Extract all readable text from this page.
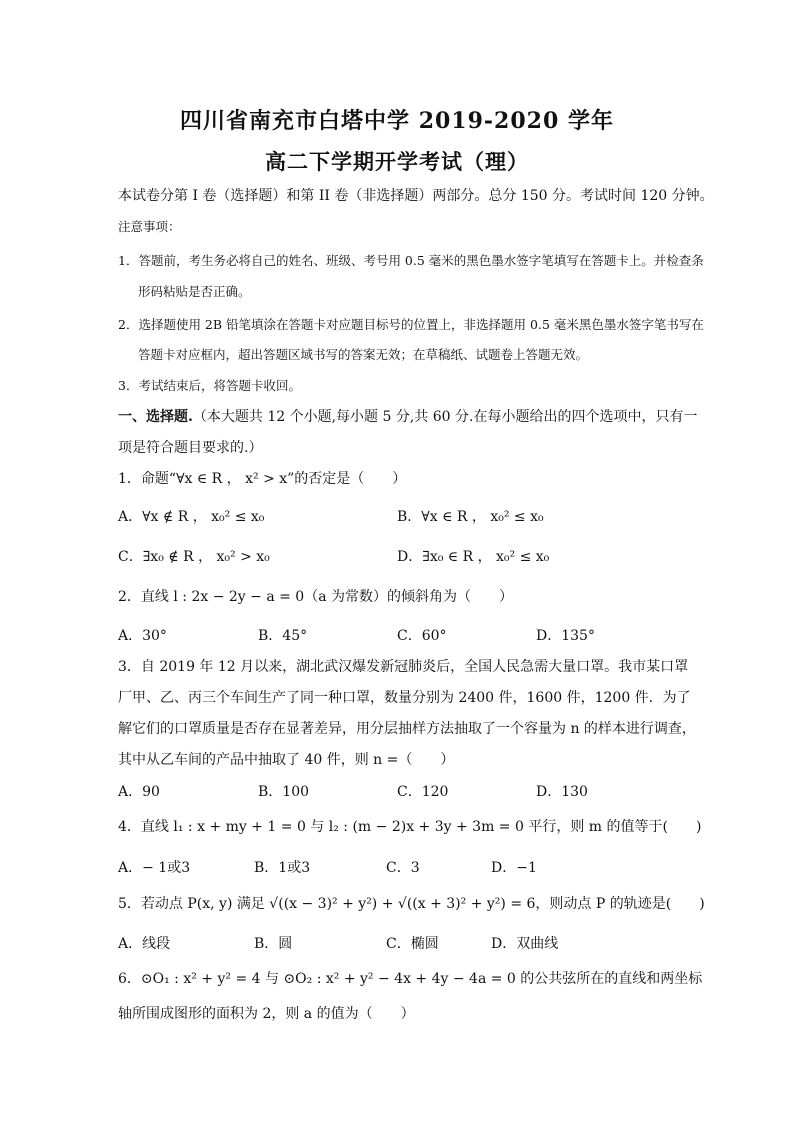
四川省南充市白塔中学 2019-2020 学年
高二下学期开学考试（理）
本试卷分第 I 卷（选择题）和第 II 卷（非选择题）两部分。总分 150 分。考试时间 120 分钟。
注意事项：
1．答题前，考生务必将自己的姓名、班级、考号用 0.5 毫米的黑色墨水签字笔填写在答题卡上。并检查条
形码粘贴是否正确。
2．选择题使用 2B 铅笔填涂在答题卡对应题目标号的位置上，非选择题用 0.5 毫米黑色墨水签字笔书写在
答题卡对应框内，超出答题区域书写的答案无效；在草稿纸、试题卷上答题无效。
3．考试结束后，将答题卡收回。
一、选择题.（本大题共 12 个小题,每小题 5 分,共 60 分.在每小题给出的四个选项中，只有一
项是符合题目要求的.）
1．命题“∀x ∈ R ， x² > x”的否定是（　　）
A．∀x ∉ R ， x₀² ≤ x₀	B．∀x ∈ R ， x₀² ≤ x₀
C．∃x₀ ∉ R ， x₀² > x₀	D．∃x₀ ∈ R ， x₀² ≤ x₀
2．直线 l : 2x − 2y − a = 0（a 为常数）的倾斜角为（　　）
A．30°	B．45°	C．60°	D．135°
3．自 2019 年 12 月以来，湖北武汉爆发新冠肺炎后，全国人民急需大量口罩。我市某口罩
厂甲、乙、丙三个车间生产了同一种口罩，数量分别为 2400 件，1600 件，1200 件．为了
解它们的口罩质量是否存在显著差异，用分层抽样方法抽取了一个容量为 n 的样本进行调查，
其中从乙车间的产品中抽取了 40 件，则 n =（　　）
A．90	B．100	C．120	D．130
4．直线 l₁ : x + my + 1 = 0 与 l₂ : (m − 2)x + 3y + 3m = 0 平行，则 m 的值等于(　　)
A．− 1或3	B．1或3	C．3	D．−1
5．若动点 P(x, y) 满足 √((x − 3)² + y²) + √((x + 3)² + y²) = 6，则动点 P 的轨迹是(　　)
A．线段	B．圆	C．椭圆	D．双曲线
6．⊙O₁ : x² + y² = 4 与 ⊙O₂ : x² + y² − 4x + 4y − 4a = 0 的公共弦所在的直线和两坐标
轴所围成图形的面积为 2，则 a 的值为（　　）
